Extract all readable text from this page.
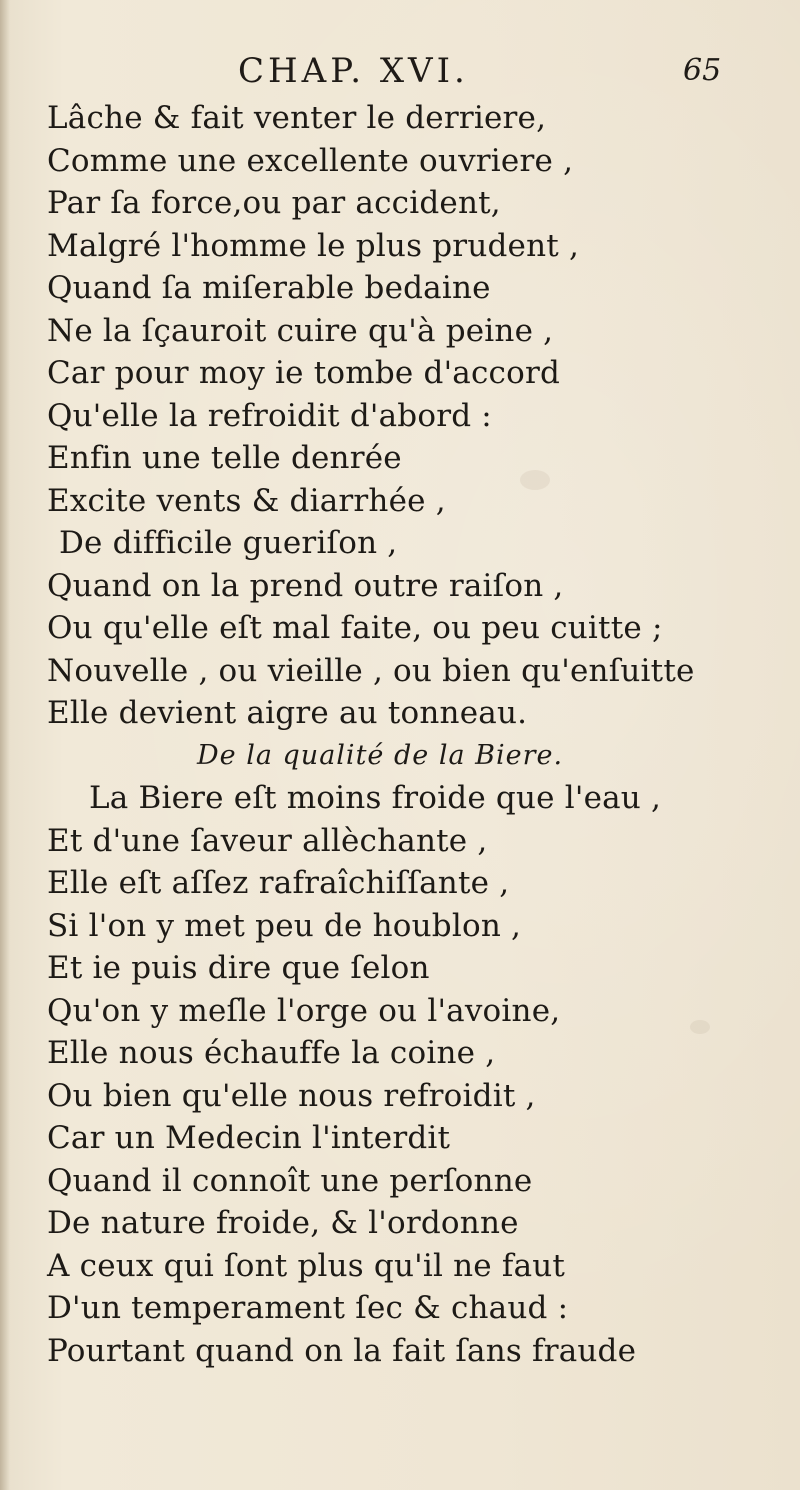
CHAP. XVI.	65
Lâche & fait venter le derriere,
Comme une excellente ouvriere ,
Par ſa force,ou par accident,
Malgré l'homme le plus prudent ,
Quand ſa miſerable bedaine
Ne la ſçauroit cuire qu'à peine ,
Car pour moy ie tombe d'accord
Qu'elle la refroidit d'abord :
Enfin une telle denrée
Excite vents & diarrhée ,
De difficile gueriſon ,
Quand on la prend outre raiſon ,
Ou qu'elle eſt mal faite, ou peu cuitte ;
Nouvelle , ou vieille , ou bien qu'enſuitte
Elle devient aigre au tonneau.
De la qualité de la Biere.
La Biere eſt moins froide que l'eau ,
Et d'une ſaveur allèchante ,
Elle eſt aſſez rafraîchiſſante ,
Si l'on y met peu de houblon ,
Et ie puis dire que ſelon
Qu'on y meſle l'orge ou l'avoine,
Elle nous échauffe la coine ,
Ou bien qu'elle nous refroidit ,
Car un Medecin l'interdit
Quand il connoît une perſonne
De nature froide, & l'ordonne
A ceux qui ſont plus qu'il ne faut
D'un temperament ſec & chaud :
Pourtant quand on la fait ſans fraude
